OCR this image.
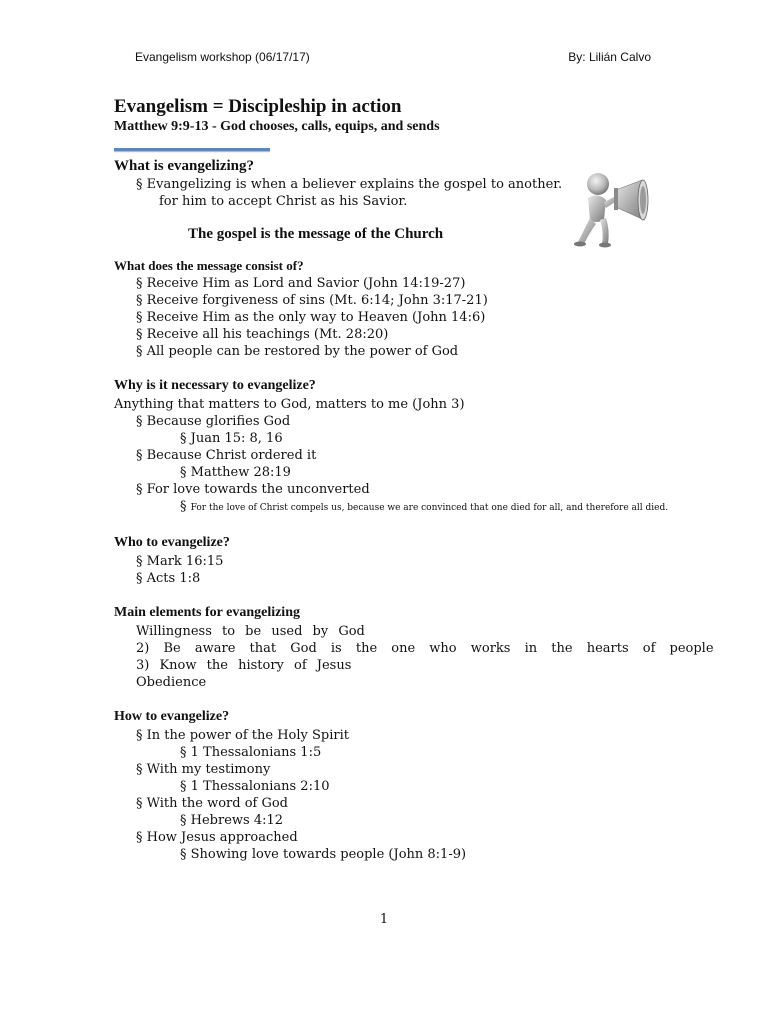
Evangelism workshop (06/17/17)	By: Lilián Calvo
Evangelism = Discipleship in action
Matthew 9:9-13 - God chooses, calls, equips, and sends
What is evangelizing?
§ Evangelizing is when a believer explains the gospel to another.
for him to accept Christ as his Savior.
The gospel is the message of the Church
What does the message consist of?
§ Receive Him as Lord and Savior (John 14:19-27)
§ Receive forgiveness of sins (Mt. 6:14; John 3:17-21)
§ Receive Him as the only way to Heaven (John 14:6)
§ Receive all his teachings (Mt. 28:20)
§ All people can be restored by the power of God
Why is it necessary to evangelize?
Anything that matters to God, matters to me (John 3)
§ Because glorifies God
§ Juan 15: 8, 16
§ Because Christ ordered it
§ Matthew 28:19
§ For love towards the unconverted
§ For the love of Christ compels us, because we are convinced that one died for all, and therefore all died.
Who to evangelize?
§ Mark 16:15
§ Acts 1:8
Main elements for evangelizing
Willingness to be used by God
2) Be aware that God is the one who works in the hearts of people
3) Know the history of Jesus
Obedience
How to evangelize?
§ In the power of the Holy Spirit
§ 1 Thessalonians 1:5
§ With my testimony
§ 1 Thessalonians 2:10
§ With the word of God
§ Hebrews 4:12
§ How Jesus approached
§ Showing love towards people (John 8:1-9)
1
